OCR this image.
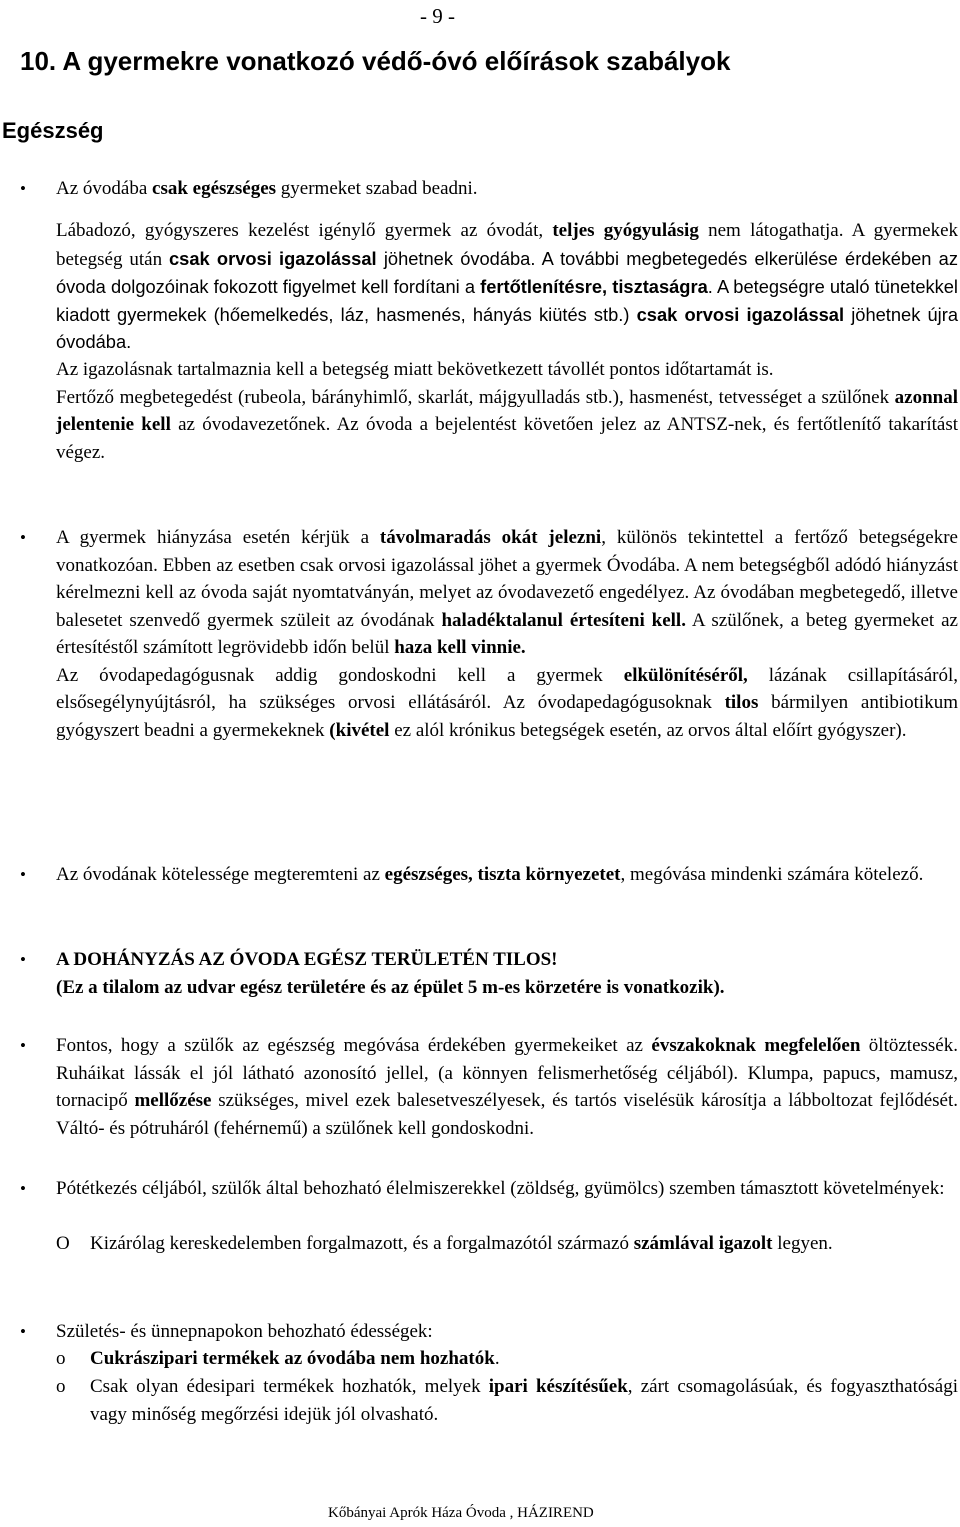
- 9 -
10. A gyermekre vonatkozó védő-óvó előírások szabályok
Egészség
• Az óvodába csak egészséges gyermeket szabad beadni.

Lábadozó, gyógyszeres kezelést igénylő gyermek az óvodát, teljes gyógyulásig nem látogathatja. A gyermekek betegség után csak orvosi igazolással jöhetnek óvodába. A további megbetegedés elkerülése érdekében az óvoda dolgozóinak fokozott figyelmet kell fordítani a fertőtlenítésre, tisztaságra. A betegségre utaló tünetekkel kiadott gyermekek (hőemelkedés, láz, hasmenés, hányás kiütés stb.) csak orvosi igazolással jöhetnek újra óvodába.

Az igazolásnak tartalmaznia kell a betegség miatt bekövetkezett távollét pontos időtartamát is.

Fertőző megbetegedést (rubeola, bárányhimlő, skarlát, májgyulladás stb.), hasmenést, tetvességet a szülőnek azonnal jelentenie kell az óvodavezetőnek. Az óvoda a bejelentést követően jelez az ANTSZ-nek, és fertőtlenítő takarítást végez.

• A gyermek hiányzása esetén kérjük a távolmaradás okát jelezni, különös tekintettel a fertőző betegségekre vonatkozóan. Ebben az esetben csak orvosi igazolással jöhet a gyermek Óvodába. A nem betegségből adódó hiányzást kérelmezni kell az óvoda saját nyomtatványán, melyet az óvodavezető engedélyez. Az óvodában megbetegedő, illetve balesetet szenvedő gyermek szüleit az óvodának haladéktalanul értesíteni kell. A szülőnek, a beteg gyermeket az értesítéstől számított legrövidebb időn belül haza kell vinnie.

Az óvodapedagógusnak addig gondoskodni kell a gyermek elkülönítéséről, lázának csillapításáról, elsősegélynyújtásról, ha szükséges orvosi ellátásáról. Az óvodapedagógusoknak tilos bármilyen antibiotikum gyógyszert beadni a gyermekeknek (kivétel ez alól krónikus betegségek esetén, az orvos által előírt gyógyszer).

• Az óvodának kötelessége megteremteni az egészséges, tiszta környezetet, megóvása mindenki számára kötelező.

• A DOHÁNYZÁS AZ ÓVODA EGÉSZ TERÜLETÉN TILOS!

(Ez a tilalom az udvar egész területére és az épület 5 m-es körzetére is vonatkozik).

• Fontos, hogy a szülők az egészség megóvása érdekében gyermekeiket az évszakoknak megfelelően öltöztessék. Ruháikat lássák el jól látható azonosító jellel, (a könnyen felismerhetőség céljából). Klumpa, papucs, mamusz, tornacipő mellőzése szükséges, mivel ezek balesetveszélyesek, és tartós viselésük károsítja a lábboltozat fejlődését. Váltó- és pótruháról (fehérnemű) a szülőnek kell gondoskodni.

• Pótétkezés céljából, szülők által behozható élelmiszerekkel (zöldség, gyümölcs) szemben támasztott követelmények:

O Kizárólag kereskedelemben forgalmazott, és a forgalmazótól származó számlával igazolt legyen.

• Születés- és ünnepnapokon behozható édességek:

o Cukrászipari termékek az óvodába nem hozhatók.

o Csak olyan édesipari termékek hozhatók, melyek ipari készítésűek, zárt csomagolásúak, és fogyaszthatósági vagy minőség megőrzési idejük jól olvasható.

Kőbányai Aprók Háza Óvoda , HÁZIREND
